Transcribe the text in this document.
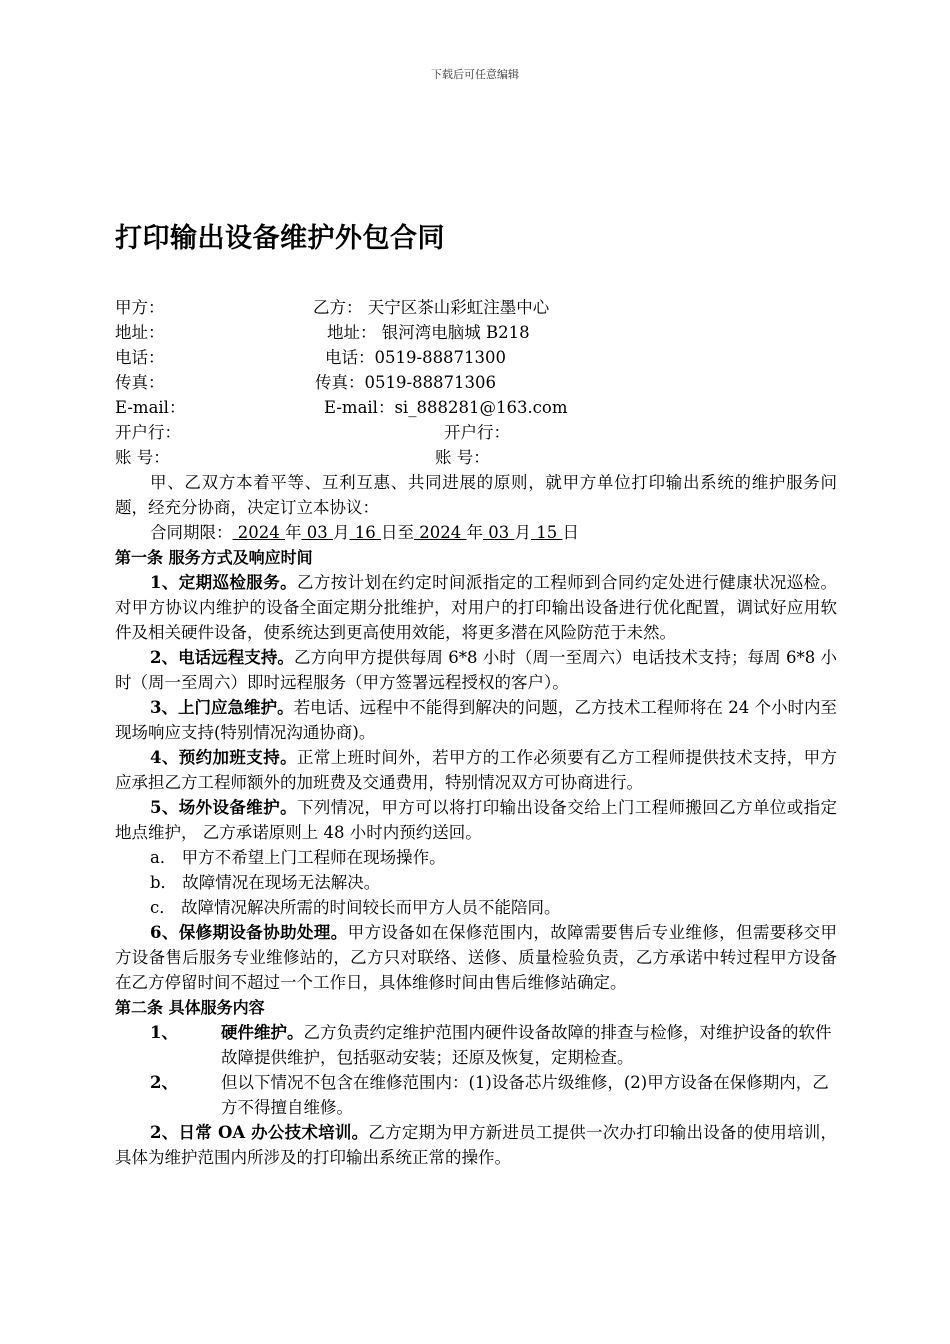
下载后可任意编辑
打印输出设备维护外包合同
甲方：	乙方： 天宁区茶山彩虹注墨中心
地址：	地址： 银河湾电脑城 B218
电话：	电话：0519-88871300
传真：	传真：0519-88871306
E-mail：	E-mail：si_888281@163.com
开户行：	开户行：
账 号：	账 号：

甲、乙双方本着平等、互利互惠、共同进展的原则，就甲方单位打印输出系统的维护服务问题，经充分协商，决定订立本协议：

合同期限： 2024 年 03 月 16 日至 2024 年 03 月 15 日

第一条 服务方式及响应时间

1、定期巡检服务。乙方按计划在约定时间派指定的工程师到合同约定处进行健康状况巡检。对甲方协议内维护的设备全面定期分批维护，对用户的打印输出设备进行优化配置，调试好应用软件及相关硬件设备，使系统达到更高使用效能，将更多潜在风险防范于未然。

2、电话远程支持。乙方向甲方提供每周 6*8 小时（周一至周六）电话技术支持；每周 6*8 小时（周一至周六）即时远程服务（甲方签署远程授权的客户）。

3、上门应急维护。若电话、远程中不能得到解决的问题，乙方技术工程师将在 24 个小时内至现场响应支持(特别情况沟通协商)。

4、预约加班支持。正常上班时间外，若甲方的工作必须要有乙方工程师提供技术支持，甲方应承担乙方工程师额外的加班费及交通费用，特别情况双方可协商进行。

5、场外设备维护。下列情况，甲方可以将打印输出设备交给上门工程师搬回乙方单位或指定地点维护， 乙方承诺原则上 48 小时内预约送回。

a． 甲方不希望上门工程师在现场操作。

b． 故障情况在现场无法解决。

c． 故障情况解决所需的时间较长而甲方人员不能陪同。

6、保修期设备协助处理。甲方设备如在保修范围内，故障需要售后专业维修，但需要移交甲方设备售后服务专业维修站的，乙方只对联络、送修、质量检验负责，乙方承诺中转过程甲方设备在乙方停留时间不超过一个工作日，具体维修时间由售后维修站确定。

第二条 具体服务内容
1、	硬件维护。乙方负责约定维护范围内硬件设备故障的排查与检修，对维护设备的软件故障提供维护，包括驱动安装；还原及恢复，定期检查。
2、	但以下情况不包含在维修范围内：(1)设备芯片级维修，(2)甲方设备在保修期内，乙方不得擅自维修。

2、日常 OA 办公技术培训。乙方定期为甲方新进员工提供一次办打印输出设备的使用培训，具体为维护范围内所涉及的打印输出系统正常的操作。
